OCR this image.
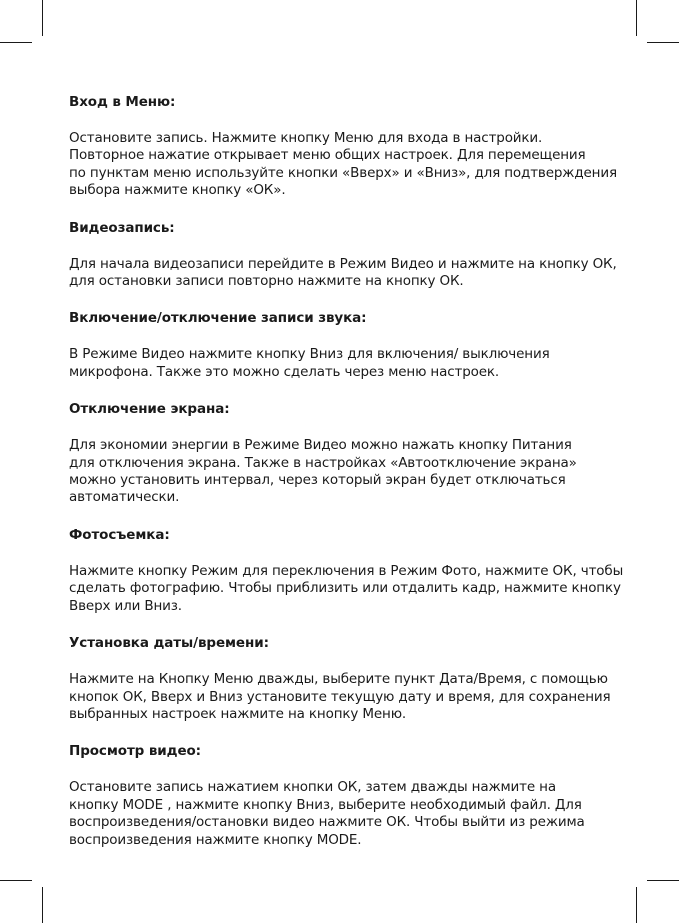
Вход в Меню:
Остановите запись. Нажмите кнопку Меню для входа в настройки.
Повторное нажатие открывает меню общих настроек. Для перемещения
по пунктам меню используйте кнопки «Вверх» и «Вниз», для подтверждения
выбора нажмите кнопку «ОК».
Видеозапись:
Для начала видеозаписи перейдите в Режим Видео и нажмите на кнопку ОК,
для остановки записи повторно нажмите на кнопку ОК.
Включение/отключение записи звука:
В Режиме Видео нажмите кнопку Вниз для включения/ выключения
микрофона. Также это можно сделать через меню настроек.
Отключение экрана:
Для экономии энергии в Режиме Видео можно нажать кнопку Питания
для отключения экрана. Также в настройках «Автоотключение экрана»
можно установить интервал, через который экран будет отключаться
автоматически.
Фотосъемка:
Нажмите кнопку Режим для переключения в Режим Фото, нажмите ОК, чтобы
сделать фотографию. Чтобы приблизить или отдалить кадр, нажмите кнопку
Вверх или Вниз.
Установка даты/времени:
Нажмите на Кнопку Меню дважды, выберите пункт Дата/Время, с помощью
кнопок ОК, Вверх и Вниз установите текущую дату и время, для сохранения
выбранных настроек нажмите на кнопку Меню.
Просмотр видео:
Остановите запись нажатием кнопки ОК, затем дважды нажмите на
кнопку MODE , нажмите кнопку Вниз, выберите необходимый файл. Для
воспроизведения/остановки видео нажмите ОК. Чтобы выйти из режима
воспроизведения нажмите кнопку MODE.
